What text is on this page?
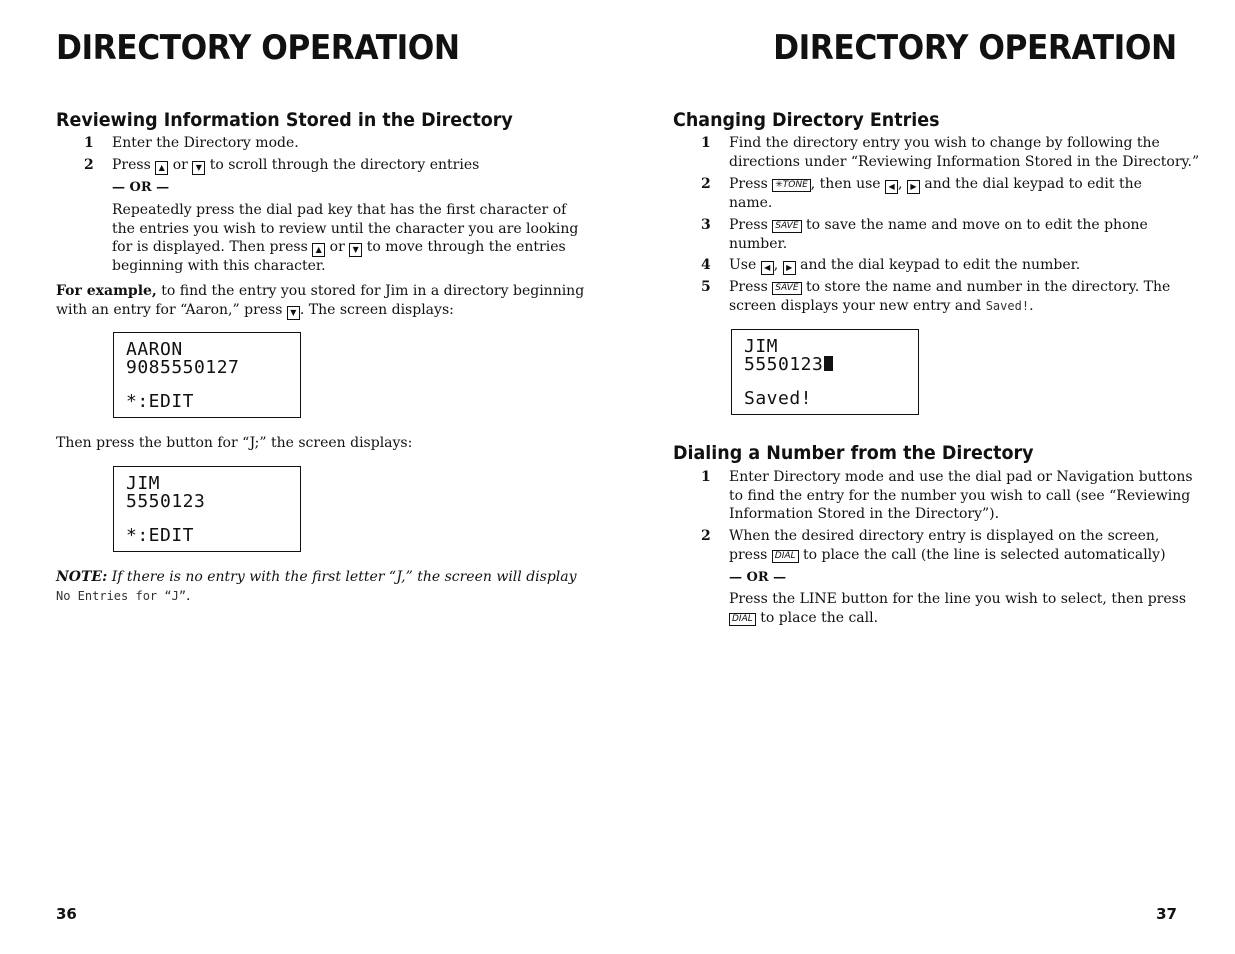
DIRECTORY OPERATION
Reviewing Information Stored in the Directory
1	Enter the Directory mode.
2	Press ▲ or ▼ to scroll through the directory entries
— OR —
Repeatedly press the dial pad key that has the first character of
the entries you wish to review until the character you are looking
for is displayed. Then press ▲ or ▼ to move through the entries
beginning with this character.
For example, to find the entry you stored for Jim in a directory beginning
with an entry for “Aaron,” press ▼ . The screen displays:
AARON
9085550127
*:EDIT
Then press the button for “J;” the screen displays:
JIM
5550123
*:EDIT
NOTE: If there is no entry with the first letter “J,” the screen will display
No Entries for “J”.
36
DIRECTORY OPERATION
Changing Directory Entries
1	Find the directory entry you wish to change by following the
directions under “Reviewing Information Stored in the Directory.”
2	Press ✳TONE , then use ◀ , ▶ and the dial keypad to edit the
name.
3	Press SAVE to save the name and move on to edit the phone
number.
4	Use ◀ , ▶ and the dial keypad to edit the number.
5	Press SAVE to store the name and number in the directory. The
screen displays your new entry and Saved!.
JIM
5550123
Saved!
Dialing a Number from the Directory
1	Enter Directory mode and use the dial pad or Navigation buttons
to find the entry for the number you wish to call (see “Reviewing
Information Stored in the Directory”).
2	When the desired directory entry is displayed on the screen,
press DIAL to place the call (the line is selected automatically)
— OR —
Press the LINE button for the line you wish to select, then press
DIAL to place the call.
37
